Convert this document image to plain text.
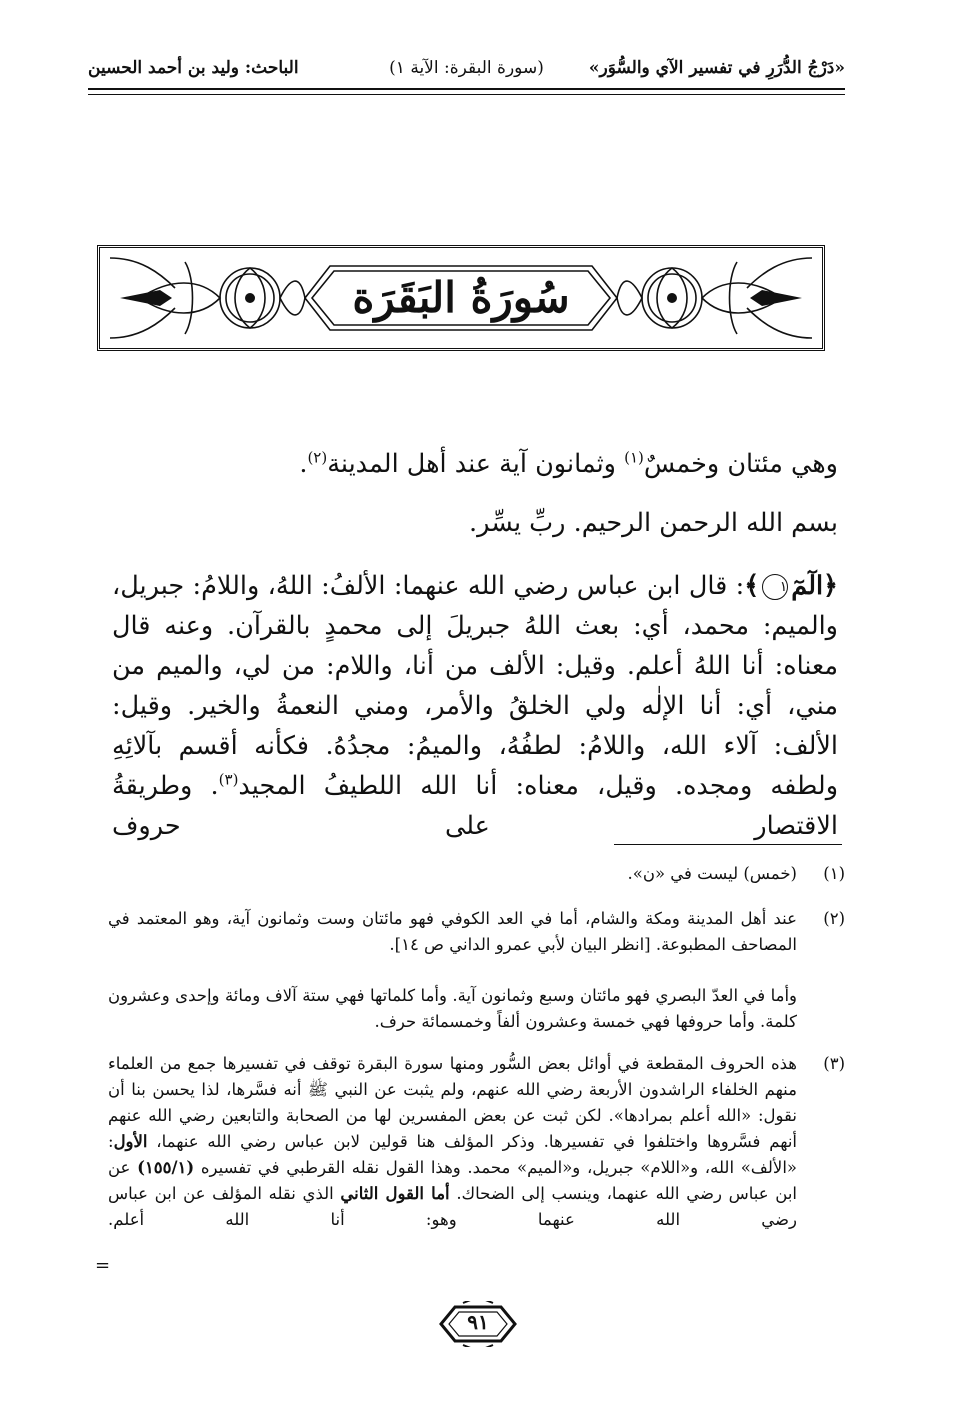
«دَرْجُ الدُّرَرِ في تفسير الآي والسُّوَر»
(سورة البقرة: الآية ١)
الباحث: وليد بن أحمد الحسين
سُورَةُ البَقَرَة

وهي مئتان وخمسٌ$^{(١)}$ وثمانون آية عند أهل المدينة$^{(٢)}$.

بسم الله الرحمن الرحيم. ربِّ يسِّر.

﴿الٓمٓ١﴾: قال ابن عباس رضي الله عنهما: الألفُ: اللهُ، واللامُ: جبريل، والميم: محمد، أي: بعث اللهُ جبريلَ إلى محمدٍ بالقرآن. وعنه قال معناه: أنا اللهُ أعلم. وقيل: الألف من أنا، واللام: من لي، والميم من مني، أي: أنا الإلٰه ولي الخلقُ والأمر، ومني النعمةُ والخير. وقيل: الألف: آلاء الله، واللامُ: لطفُهُ، والميمُ: مجدُهُ. فكأنه أقسم بآلائِهِ ولطفه ومجده. وقيل، معناه: أنا الله اللطيفُ المجيد$^{(٣)}$. وطريقةُ الاقتصار على حروف

(١)
(خمس) ليست في «ن».
(٢)
عند أهل المدينة ومكة والشام، أما في العد الكوفي فهو مائتان وست وثمانون آية، وهو المعتمد في المصاحف المطبوعة. [انظر البيان لأبي عمرو الداني ص ١٤].
وأما في العدّ البصري فهو مائتان وسبع وثمانون آية. وأما كلماتها فهي ستة آلاف ومائة وإحدى وعشرون كلمة. وأما حروفها فهي خمسة وعشرون ألفاً وخمسمائة حرف.
(٣)
هذه الحروف المقطعة في أوائل بعض السُّور ومنها سورة البقرة توقف في تفسيرها جمع من العلماء منهم الخلفاء الراشدون الأربعة رضي الله عنهم، ولم يثبت عن النبي ﷺ أنه فسَّرها، لذا يحسن بنا أن نقول: «الله أعلم بمرادها». لكن ثبت عن بعض المفسرين لها من الصحابة والتابعين رضي الله عنهم أنهم فسَّروها واختلفوا في تفسيرها. وذكر المؤلف هنا قولين لابن عباس رضي الله عنهما، الأول: «الألف» الله، و«اللام» جبريل، و«الميم» محمد. وهذا القول نقله القرطبي في تفسيره (١٥٥/١) عن ابن عباس رضي الله عنهما، وينسب إلى الضحاك. أما القول الثاني الذي نقله المؤلف عن ابن عباس رضي الله عنهما وهو: أنا الله أعلم.
=
٩١
